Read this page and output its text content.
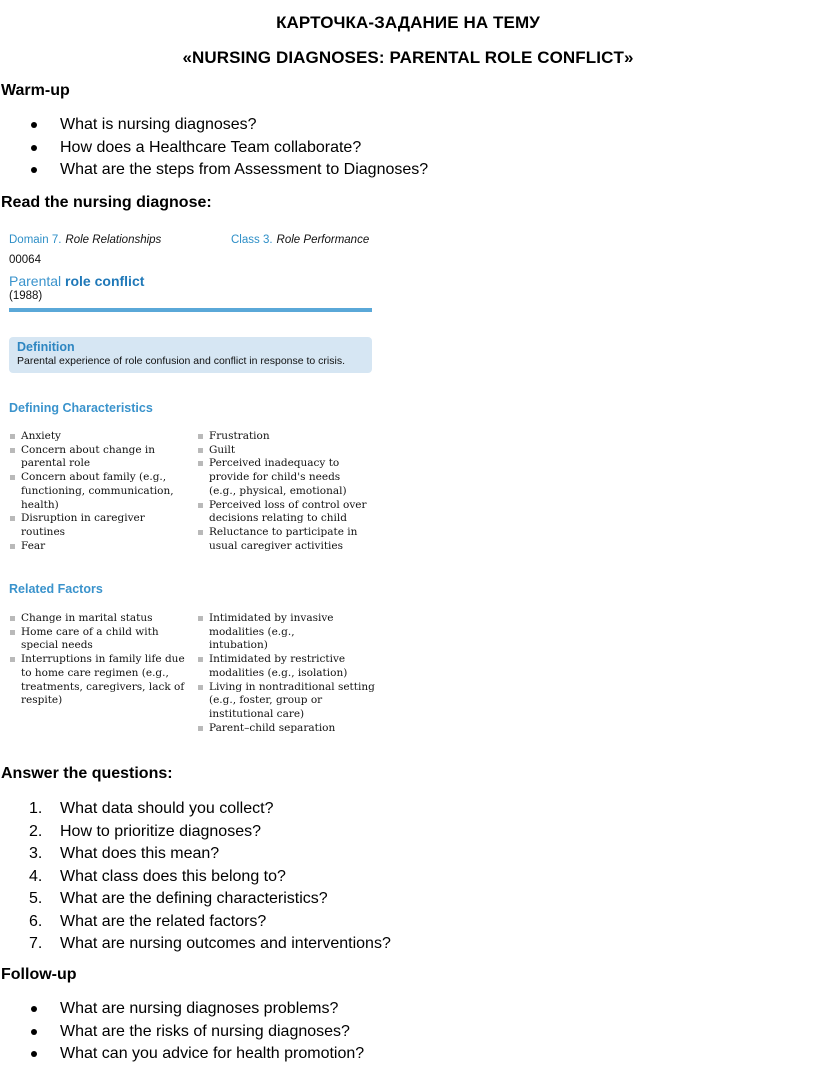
КАРТОЧКА-ЗАДАНИЕ НА ТЕМУ
«NURSING DIAGNOSES: PARENTAL ROLE CONFLICT»
Warm-up
What is nursing diagnoses?
How does a Healthcare Team collaborate?
What are the steps from Assessment to Diagnoses?
Read the nursing diagnose:
Domain 7. Role Relationships	Class 3. Role Performance
00064
Parental role conflict
(1988)
Definition
Parental experience of role confusion and conflict in response to crisis.
Defining Characteristics
Anxiety
Concern about change in parental role
Concern about family (e.g., functioning, communication, health)
Disruption in caregiver routines
Fear
Frustration
Guilt
Perceived inadequacy to provide for child's needs (e.g., physical, emotional)
Perceived loss of control over decisions relating to child
Reluctance to participate in usual caregiver activities
Related Factors
Change in marital status
Home care of a child with special needs
Interruptions in family life due to home care regimen (e.g., treatments, caregivers, lack of respite)
Intimidated by invasive modalities (e.g., intubation)
Intimidated by restrictive modalities (e.g., isolation)
Living in nontraditional setting (e.g., foster, group or institutional care)
Parent–child separation
Answer the questions:
1. What data should you collect?
2. How to prioritize diagnoses?
3. What does this mean?
4. What class does this belong to?
5. What are the defining characteristics?
6. What are the related factors?
7. What are nursing outcomes and interventions?
Follow-up
What are nursing diagnoses problems?
What are the risks of nursing diagnoses?
What can you advice for health promotion?
